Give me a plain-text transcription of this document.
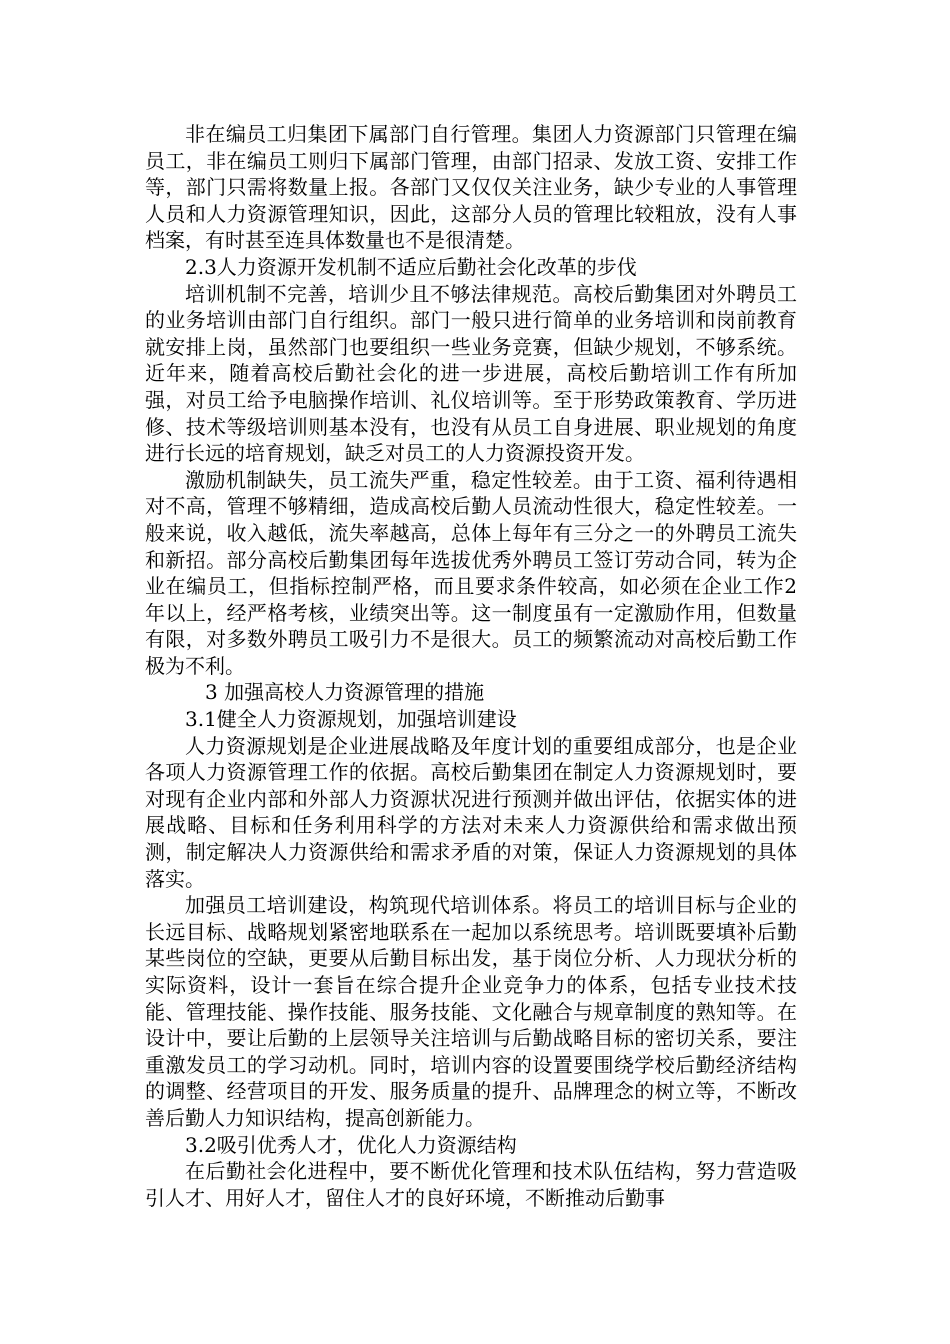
非在编员工归集团下属部门自行管理。集团人力资源部门只管理在编员工，非在编员工则归下属部门管理，由部门招录、发放工资、安排工作等，部门只需将数量上报。各部门又仅仅关注业务，缺少专业的人事管理人员和人力资源管理知识，因此，这部分人员的管理比较粗放，没有人事档案，有时甚至连具体数量也不是很清楚。

2.3人力资源开发机制不适应后勤社会化改革的步伐

培训机制不完善，培训少且不够法律规范。高校后勤集团对外聘员工的业务培训由部门自行组织。部门一般只进行简单的业务培训和岗前教育就安排上岗，虽然部门也要组织一些业务竞赛，但缺少规划，不够系统。近年来，随着高校后勤社会化的进一步进展，高校后勤培训工作有所加强，对员工给予电脑操作培训、礼仪培训等。至于形势政策教育、学历进修、技术等级培训则基本没有，也没有从员工自身进展、职业规划的角度进行长远的培育规划，缺乏对员工的人力资源投资开发。

激励机制缺失，员工流失严重，稳定性较差。由于工资、福利待遇相对不高，管理不够精细，造成高校后勤人员流动性很大，稳定性较差。一般来说，收入越低，流失率越高，总体上每年有三分之一的外聘员工流失和新招。部分高校后勤集团每年选拔优秀外聘员工签订劳动合同，转为企业在编员工，但指标控制严格，而且要求条件较高，如必须在企业工作2年以上，经严格考核，业绩突出等。这一制度虽有一定激励作用，但数量有限，对多数外聘员工吸引力不是很大。员工的频繁流动对高校后勤工作极为不利。

3 加强高校人力资源管理的措施

3.1健全人力资源规划，加强培训建设

人力资源规划是企业进展战略及年度计划的重要组成部分，也是企业各项人力资源管理工作的依据。高校后勤集团在制定人力资源规划时，要对现有企业内部和外部人力资源状况进行预测并做出评估，依据实体的进展战略、目标和任务利用科学的方法对未来人力资源供给和需求做出预测，制定解决人力资源供给和需求矛盾的对策，保证人力资源规划的具体落实。

加强员工培训建设，构筑现代培训体系。将员工的培训目标与企业的长远目标、战略规划紧密地联系在一起加以系统思考。培训既要填补后勤某些岗位的空缺，更要从后勤目标出发，基于岗位分析、人力现状分析的实际资料，设计一套旨在综合提升企业竞争力的体系，包括专业技术技能、管理技能、操作技能、服务技能、文化融合与规章制度的熟知等。在设计中，要让后勤的上层领导关注培训与后勤战略目标的密切关系，要注重激发员工的学习动机。同时，培训内容的设置要围绕学校后勤经济结构的调整、经营项目的开发、服务质量的提升、品牌理念的树立等，不断改善后勤人力知识结构，提高创新能力。

3.2吸引优秀人才，优化人力资源结构

在后勤社会化进程中，要不断优化管理和技术队伍结构，努力营造吸引人才、用好人才，留住人才的良好环境，不断推动后勤事
